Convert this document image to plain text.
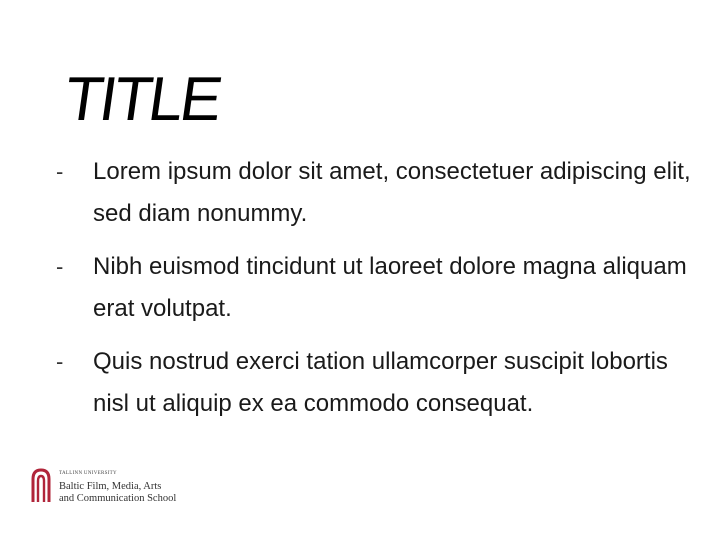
TITLE
- Lorem ipsum dolor sit amet, consectetuer adipiscing elit, sed diam nonummy.
- Nibh euismod tincidunt ut laoreet dolore magna aliquam erat volutpat.
- Quis nostrud exerci tation ullamcorper suscipit lobortis nisl ut aliquip ex ea commodo consequat.
TALLINN UNIVERSITY
Baltic Film, Media, Arts
and Communication School
